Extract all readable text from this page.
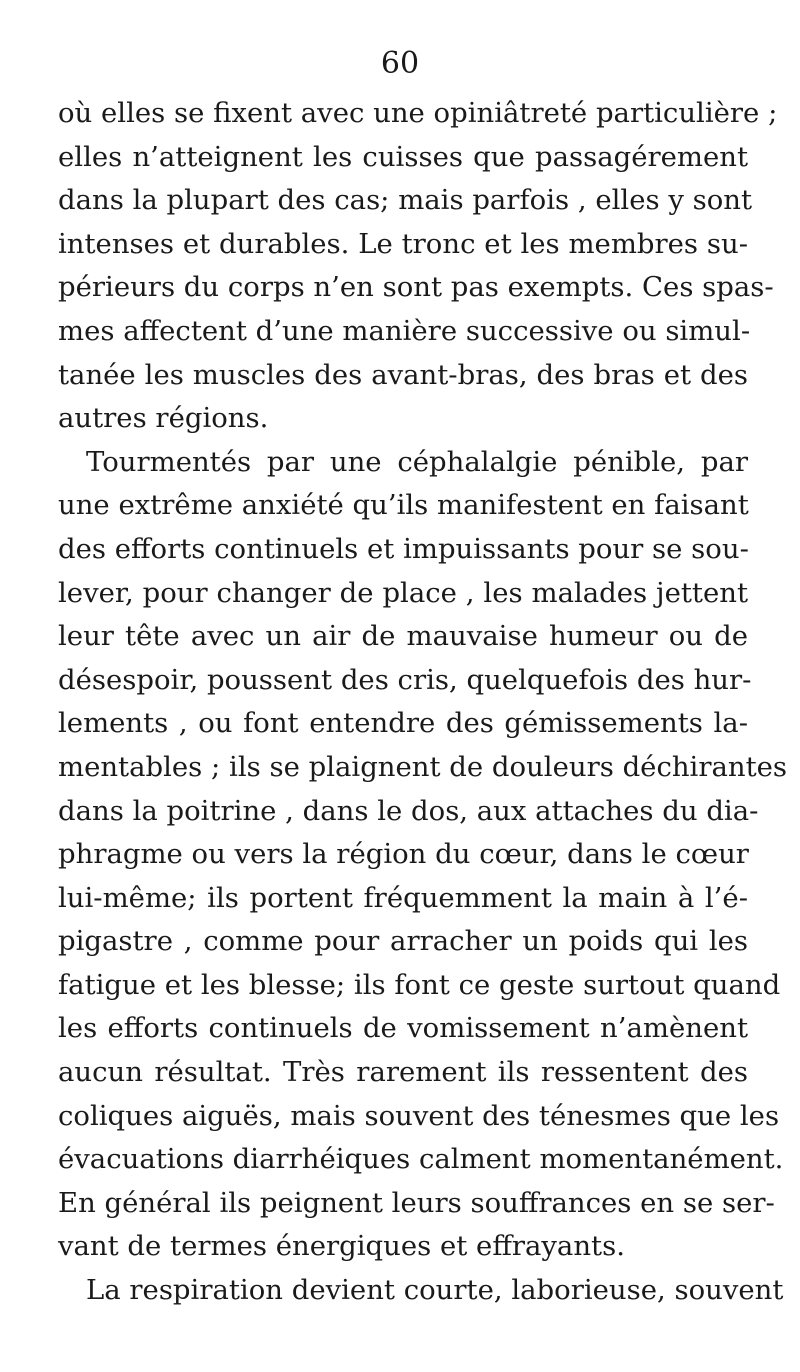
60
où elles se fixent avec une opiniâtreté particulière ;
elles n’atteignent les cuisses que passagérement
dans la plupart des cas; mais parfois , elles y sont
intenses et durables. Le tronc et les membres su-
périeurs du corps n’en sont pas exempts. Ces spas-
mes affectent d’une manière successive ou simul-
tanée les muscles des avant-bras, des bras et des
autres régions.
Tourmentés par une céphalalgie pénible, par
une extrême anxiété qu’ils manifestent en faisant
des efforts continuels et impuissants pour se sou-
lever, pour changer de place , les malades jettent
leur tête avec un air de mauvaise humeur ou de
désespoir, poussent des cris, quelquefois des hur-
lements , ou font entendre des gémissements la-
mentables ; ils se plaignent de douleurs déchirantes
dans la poitrine , dans le dos, aux attaches du dia-
phragme ou vers la région du cœur, dans le cœur
lui-même; ils portent fréquemment la main à l’é-
pigastre , comme pour arracher un poids qui les
fatigue et les blesse; ils font ce geste surtout quand
les efforts continuels de vomissement n’amènent
aucun résultat. Très rarement ils ressentent des
coliques aiguës, mais souvent des ténesmes que les
évacuations diarrhéiques calment momentanément.
En général ils peignent leurs souffrances en se ser-
vant de termes énergiques et effrayants.
La respiration devient courte, laborieuse, souvent
